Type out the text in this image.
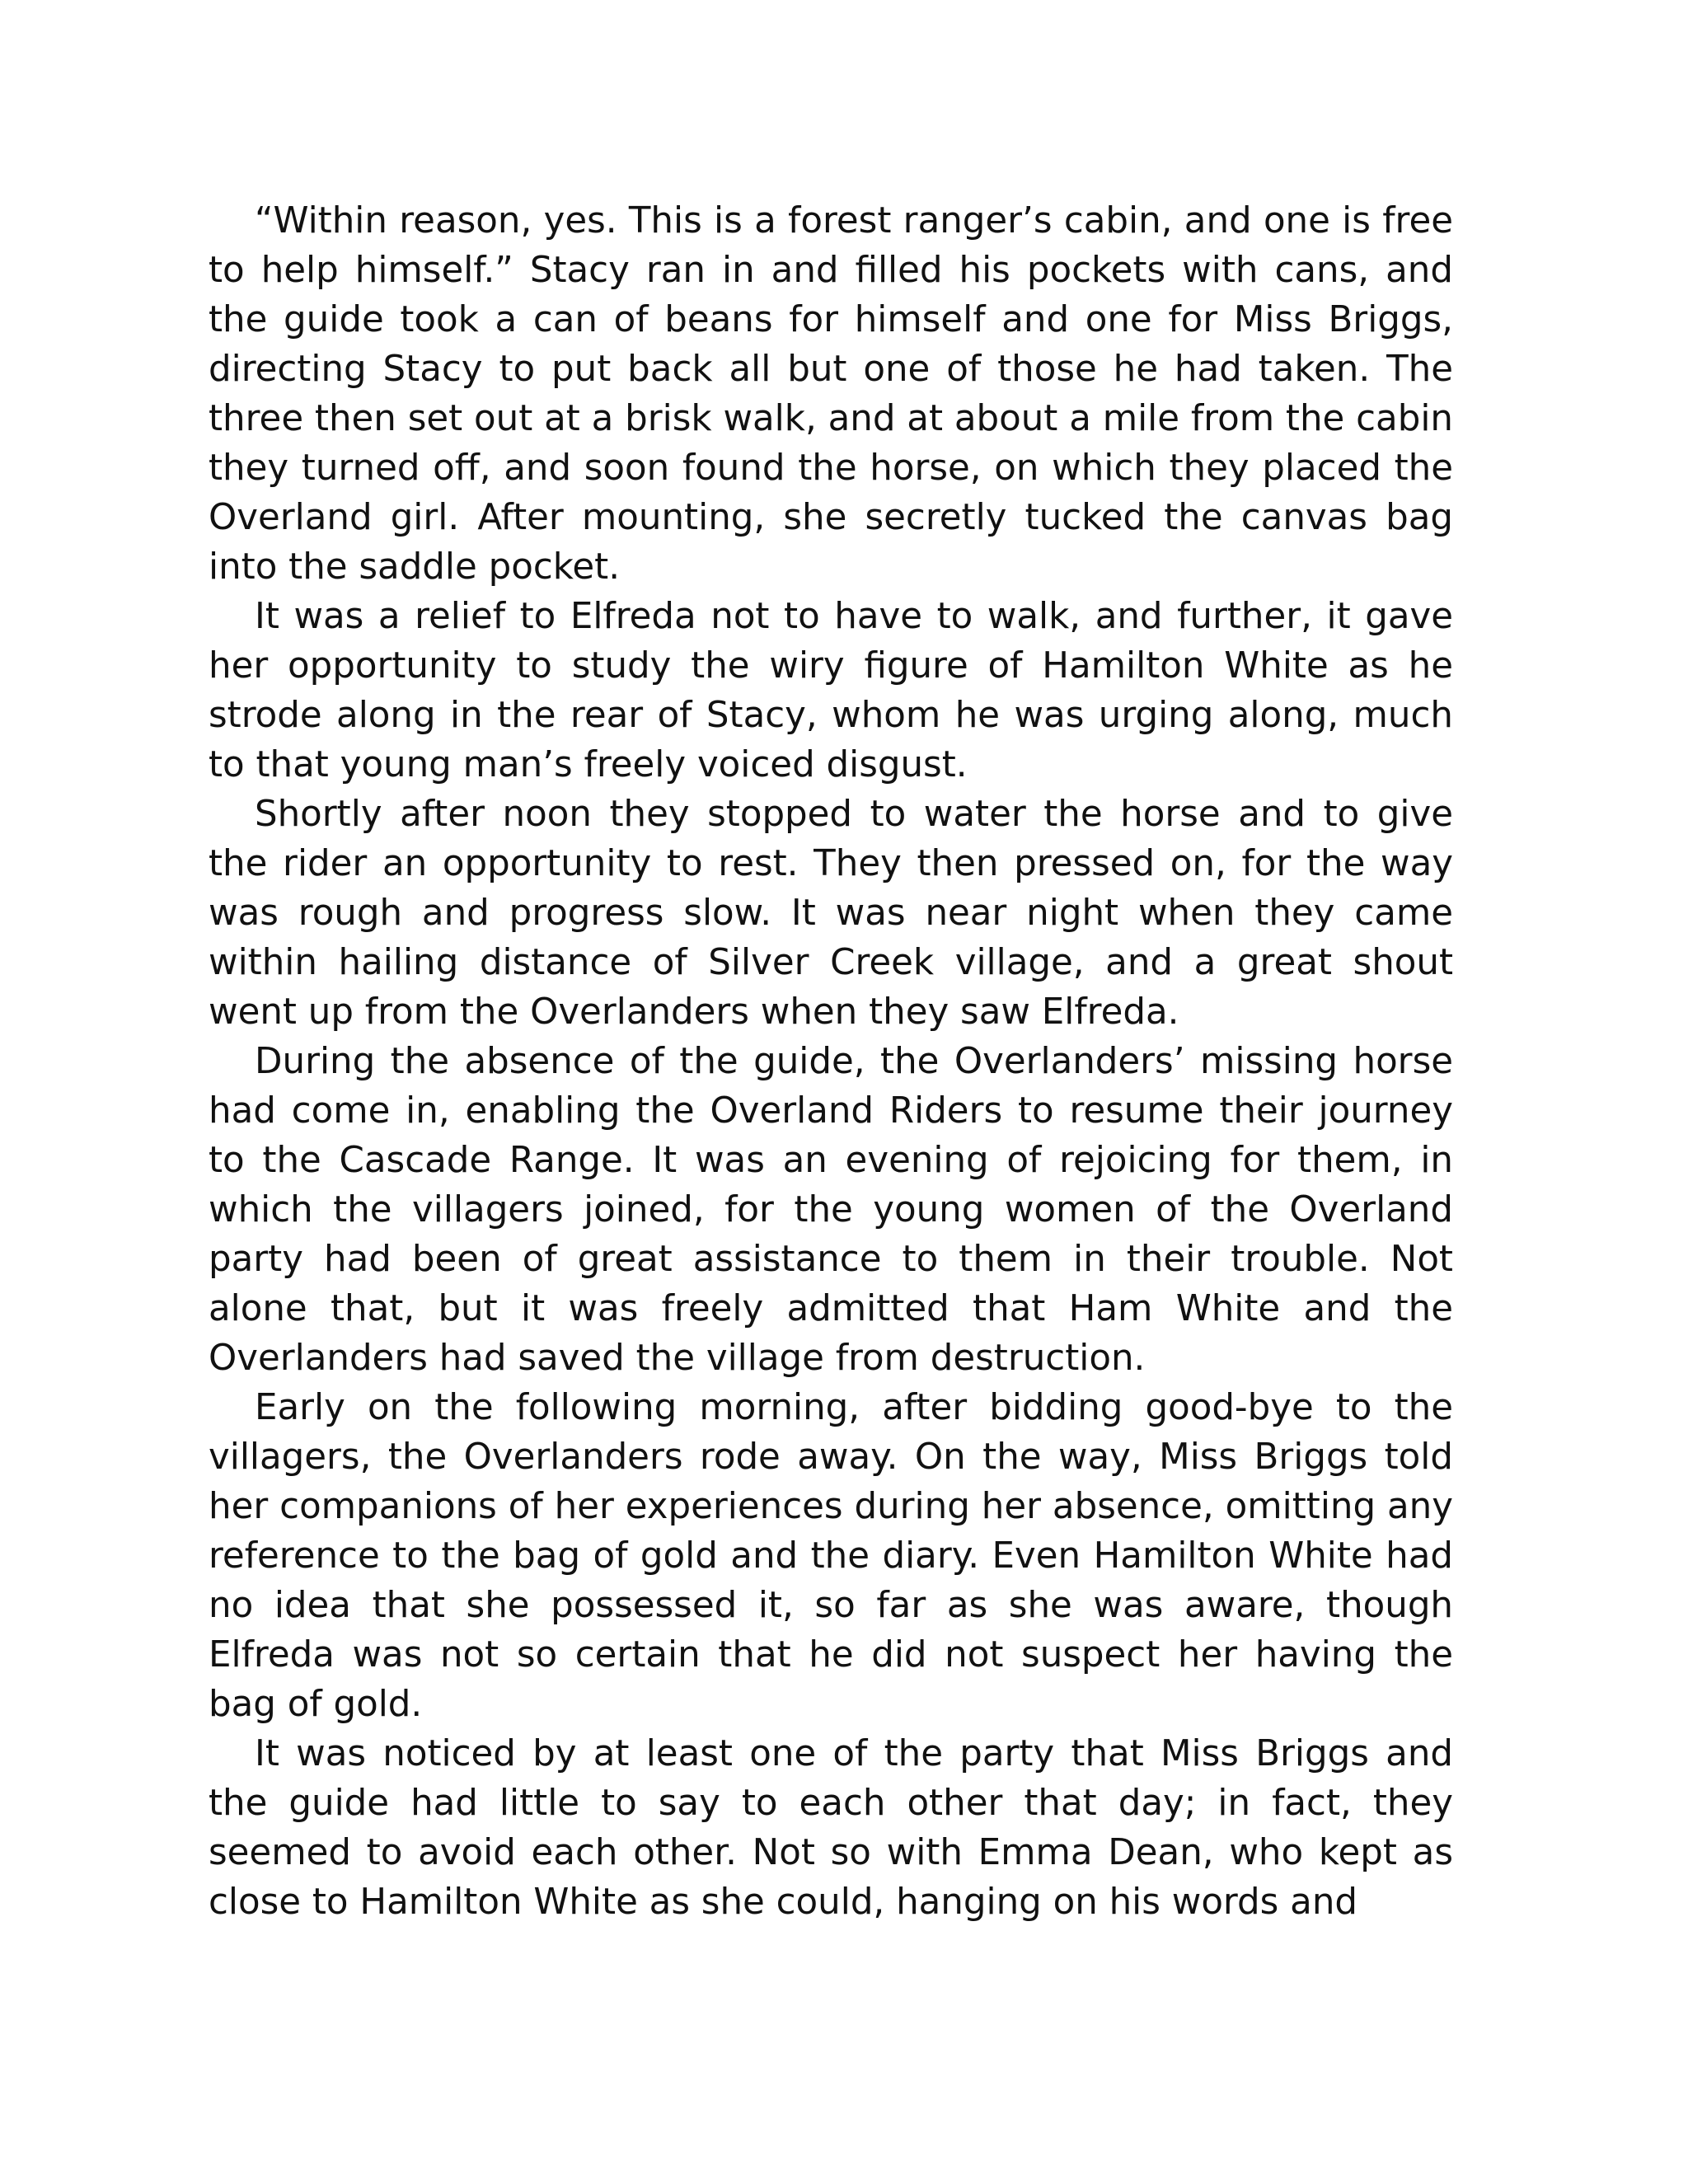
“Within reason, yes. This is a forest ranger’s cabin, and one is free to help himself.” Stacy ran in and filled his pockets with cans, and the guide took a can of beans for himself and one for Miss Briggs, directing Stacy to put back all but one of those he had taken. The three then set out at a brisk walk, and at about a mile from the cabin they turned off, and soon found the horse, on which they placed the Overland girl. After mounting, she secretly tucked the canvas bag into the saddle pocket.

It was a relief to Elfreda not to have to walk, and further, it gave her opportunity to study the wiry figure of Hamilton White as he strode along in the rear of Stacy, whom he was urging along, much to that young man’s freely voiced disgust.

Shortly after noon they stopped to water the horse and to give the rider an opportunity to rest. They then pressed on, for the way was rough and progress slow. It was near night when they came within hailing distance of Silver Creek village, and a great shout went up from the Overlanders when they saw Elfreda.

During the absence of the guide, the Overlanders’ missing horse had come in, enabling the Overland Riders to resume their journey to the Cascade Range. It was an evening of rejoicing for them, in which the villagers joined, for the young women of the Overland party had been of great assistance to them in their trouble. Not alone that, but it was freely admitted that Ham White and the Overlanders had saved the village from destruction.

Early on the following morning, after bidding good-bye to the villagers, the Overlanders rode away. On the way, Miss Briggs told her companions of her experiences during her absence, omitting any reference to the bag of gold and the diary. Even Hamilton White had no idea that she possessed it, so far as she was aware, though Elfreda was not so certain that he did not suspect her having the bag of gold.

It was noticed by at least one of the party that Miss Briggs and the guide had little to say to each other that day; in fact, they seemed to avoid each other. Not so with Emma Dean, who kept as close to Hamilton White as she could, hanging on his words and
